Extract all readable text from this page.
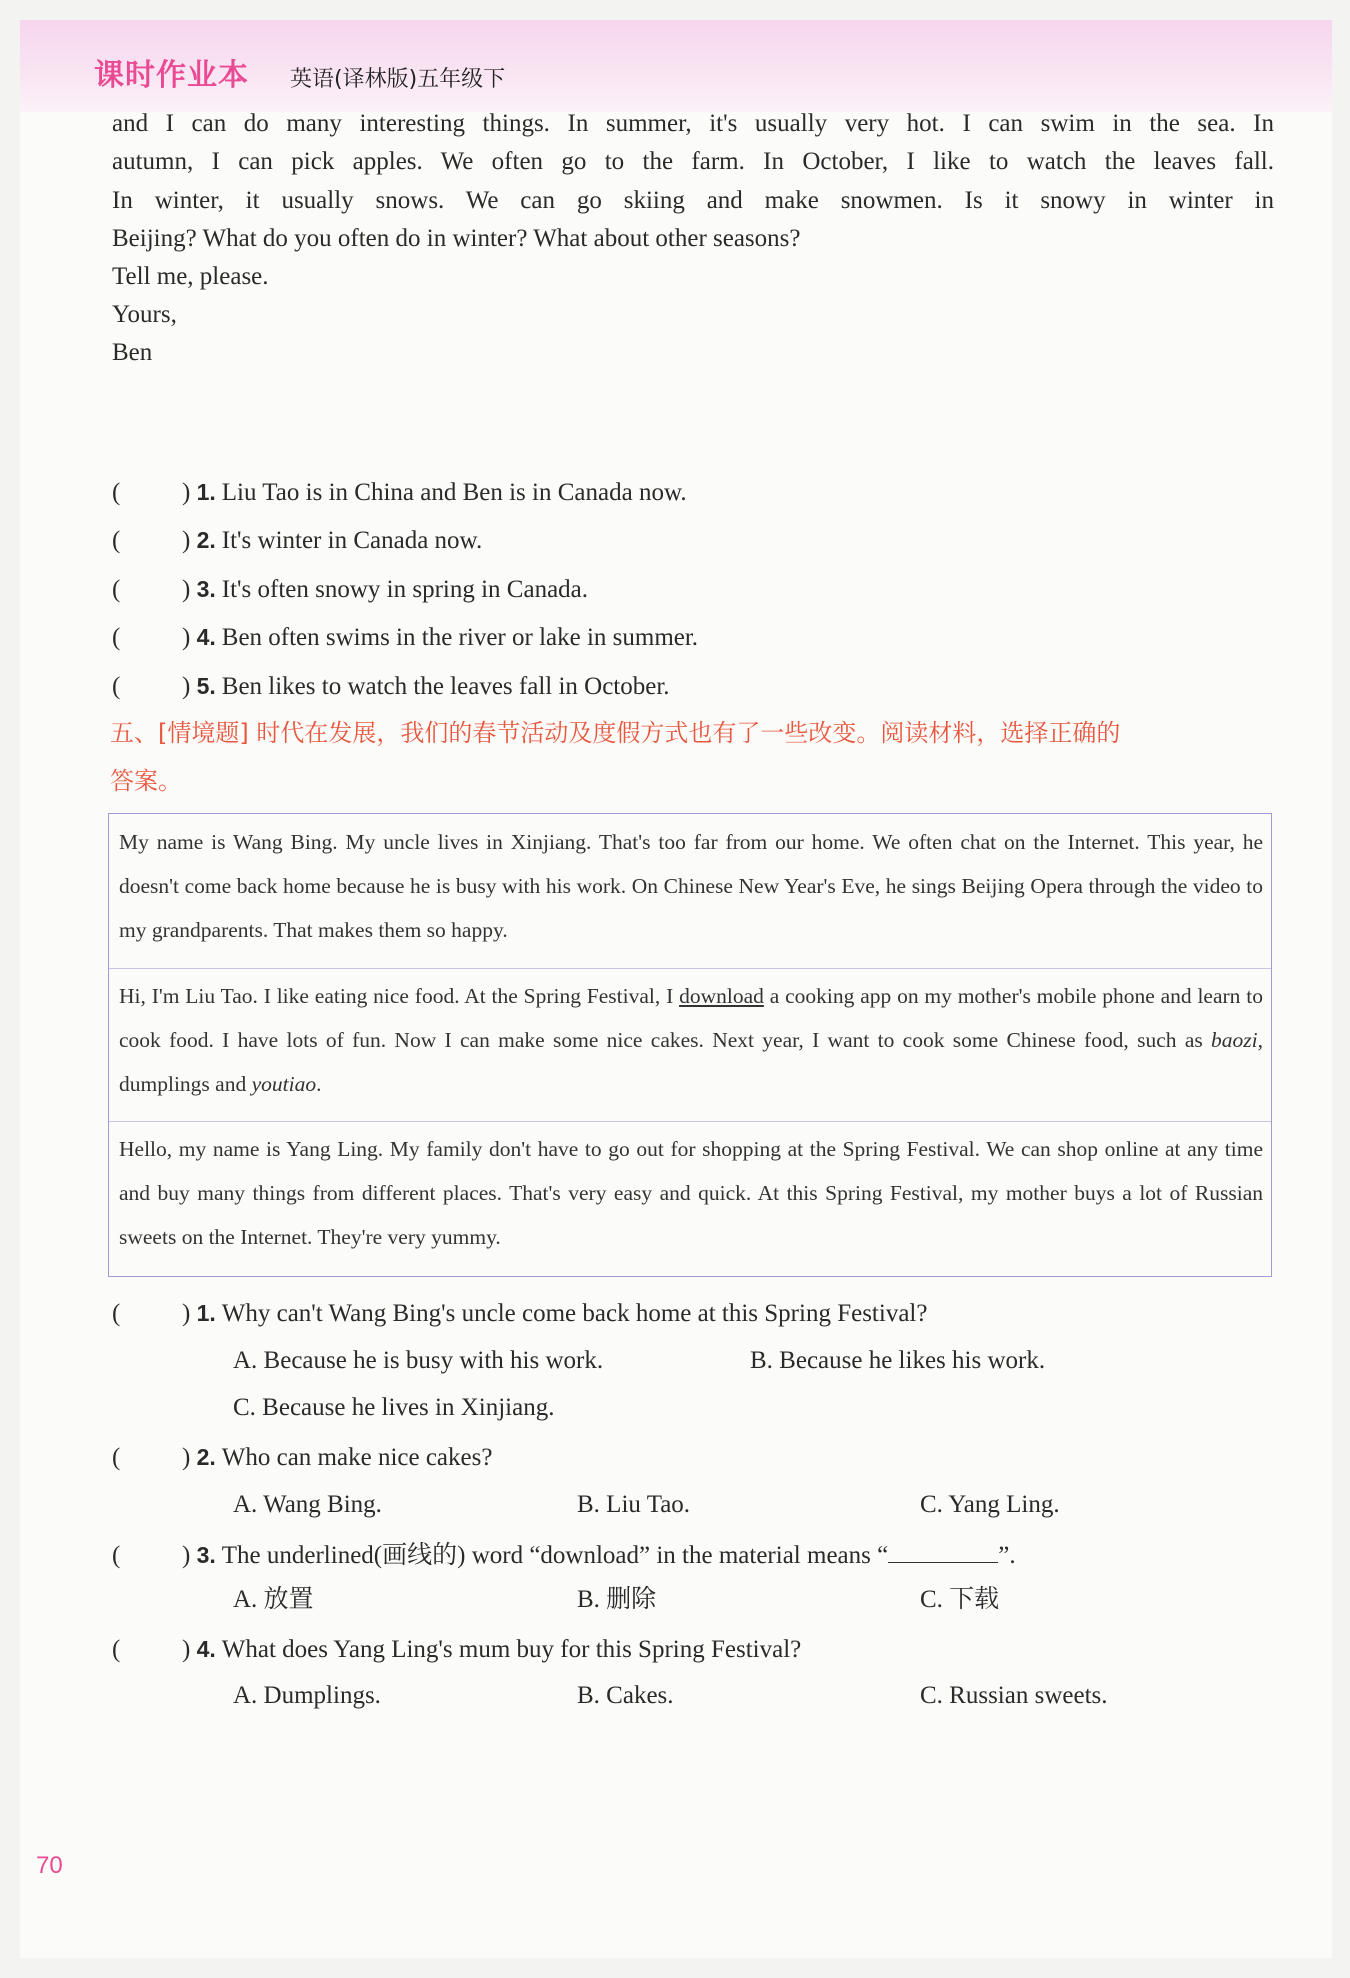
课时作业本 英语(译林版)五年级下
and I can do many interesting things. In summer, it's usually very hot. I can swim in the sea. In
autumn, I can pick apples. We often go to the farm. In October, I like to watch the leaves fall.
In winter, it usually snows. We can go skiing and make snowmen. Is it snowy in winter in
Beijing? What do you often do in winter? What about other seasons?
Tell me, please.
Yours,
Ben
( ) 1. Liu Tao is in China and Ben is in Canada now.
( ) 2. It's winter in Canada now.
( ) 3. It's often snowy in spring in Canada.
( ) 4. Ben often swims in the river or lake in summer.
( ) 5. Ben likes to watch the leaves fall in October.
五、[情境题] 时代在发展，我们的春节活动及度假方式也有了一些改变。阅读材料，选择正确的
答案。
My name is Wang Bing. My uncle lives in Xinjiang. That's too far from our home. We often chat on the Internet. This year, he doesn't come back home because he is busy with his work. On Chinese New Year's Eve, he sings Beijing Opera through the video to my grandparents. That makes them so happy.
Hi, I'm Liu Tao. I like eating nice food. At the Spring Festival, I download a cooking app on my mother's mobile phone and learn to cook food. I have lots of fun. Now I can make some nice cakes. Next year, I want to cook some Chinese food, such as baozi, dumplings and youtiao.
Hello, my name is Yang Ling. My family don't have to go out for shopping at the Spring Festival. We can shop online at any time and buy many things from different places. That's very easy and quick. At this Spring Festival, my mother buys a lot of Russian sweets on the Internet. They're very yummy.
( ) 1. Why can't Wang Bing's uncle come back home at this Spring Festival?
A. Because he is busy with his work.	B. Because he likes his work.
C. Because he lives in Xinjiang.
( ) 2. Who can make nice cakes?
A. Wang Bing.	B. Liu Tao.	C. Yang Ling.
( ) 3. The underlined(画线的) word “download” in the material means “	”.
A. 放置	B. 删除	C. 下载
( ) 4. What does Yang Ling's mum buy for this Spring Festival?
A. Dumplings.	B. Cakes.	C. Russian sweets.
70
